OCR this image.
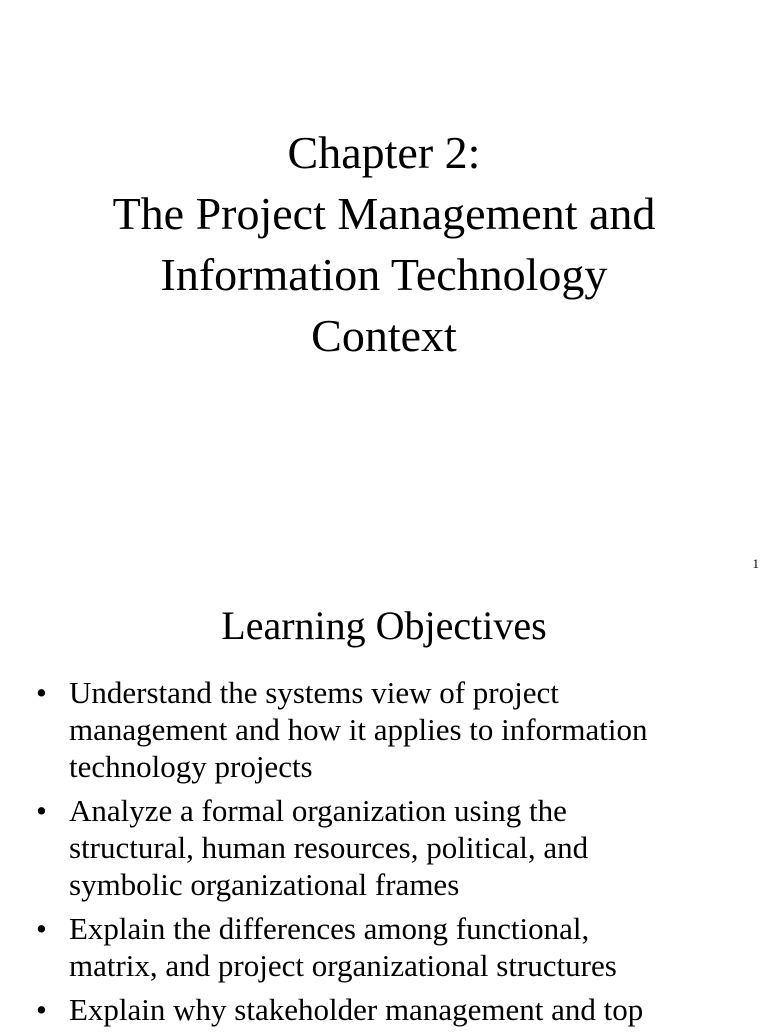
Chapter 2:
The Project Management and
Information Technology
Context
1
Learning Objectives
• Understand the systems view of project
management and how it applies to information
technology projects
• Analyze a formal organization using the
structural, human resources, political, and
symbolic organizational frames
• Explain the differences among functional,
matrix, and project organizational structures
• Explain why stakeholder management and top
